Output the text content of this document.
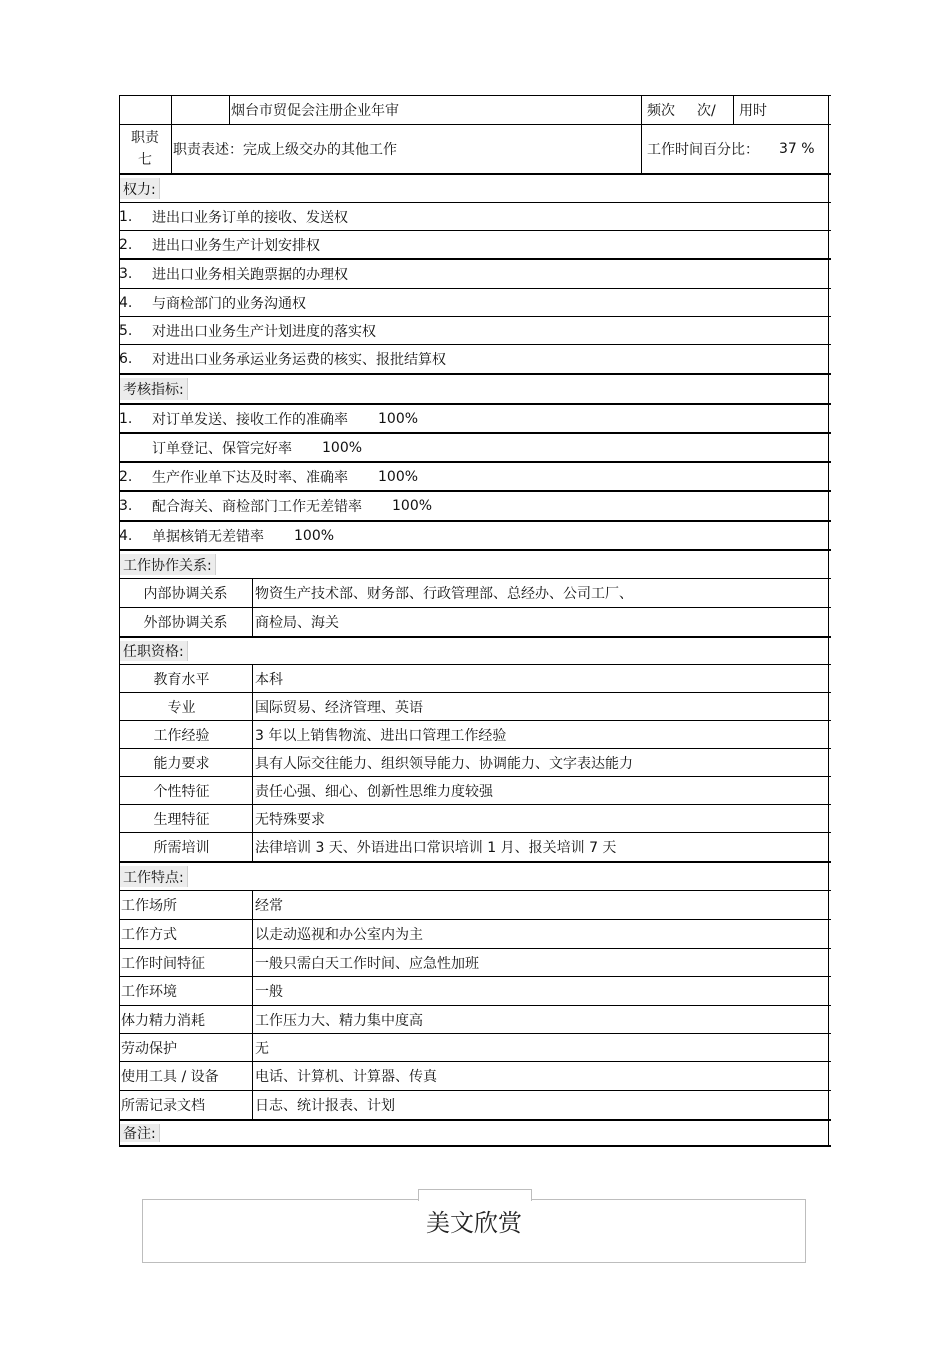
烟台市贸促会注册企业年审	频次 次/ 用时
职责
七
职责表述：完成上级交办的其他工作	工作时间百分比： 37 %
权力:
1.	进出口业务订单的接收、发送权
2.	进出口业务生产计划安排权
3.	进出口业务相关跑票据的办理权
4.	与商检部门的业务沟通权
5.	对进出口业务生产计划进度的落实权
6.	对进出口业务承运业务运费的核实、报批结算权
考核指标:
1.	对订单发送、接收工作的准确率 100%
订单登记、保管完好率 100%
2.	生产作业单下达及时率、准确率 100%
3.	配合海关、商检部门工作无差错率 100%
4.	单据核销无差错率 100%
工作协作关系:
内部协调关系	物资生产技术部、财务部、行政管理部、总经办、公司工厂、
外部协调关系	商检局、海关
任职资格:
教育水平	本科
专业	国际贸易、经济管理、英语
工作经验	3 年以上销售物流、进出口管理工作经验
能力要求	具有人际交往能力、组织领导能力、协调能力、文字表达能力
个性特征	责任心强、细心、创新性思维力度较强
生理特征	无特殊要求
所需培训	法律培训 3 天、外语进出口常识培训 1 月、报关培训 7 天
工作特点:
工作场所	经常
工作方式	以走动巡视和办公室内为主
工作时间特征	一般只需白天工作时间、应急性加班
工作环境	一般
体力精力消耗	工作压力大、精力集中度高
劳动保护	无
使用工具 / 设备	电话、计算机、计算器、传真
所需记录文档	日志、统计报表、计划
备注:
美文欣赏
